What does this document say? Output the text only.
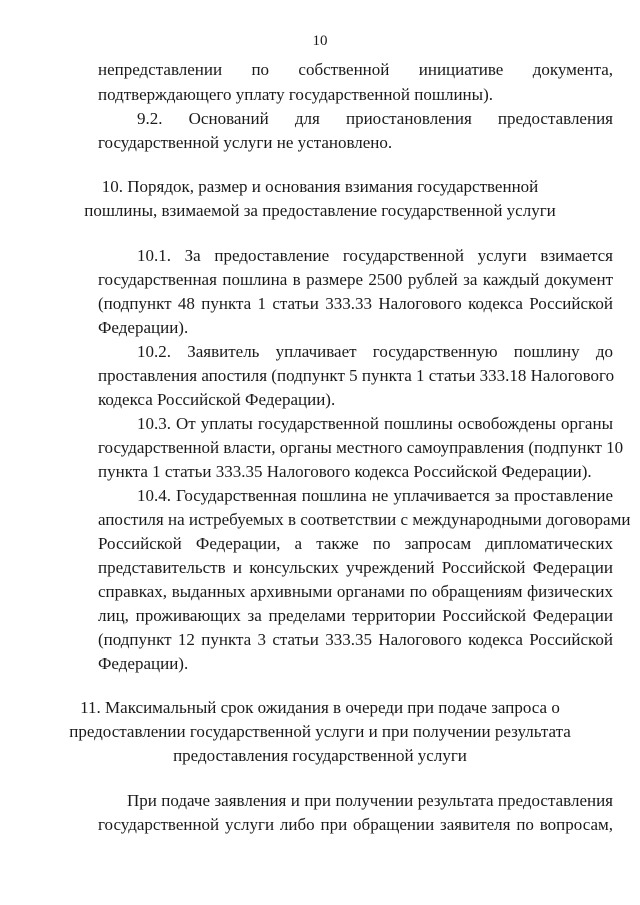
10
непредставлении по собственной инициативе документа,
подтверждающего уплату государственной пошлины).
9.2. Оснований для приостановления предоставления
государственной услуги не установлено.
10. Порядок, размер и основания взимания государственной
пошлины, взимаемой за предоставление государственной услуги
10.1. За предоставление государственной услуги взимается
государственная пошлина в размере 2500 рублей за каждый документ
(подпункт 48 пункта 1 статьи 333.33 Налогового кодекса Российской
Федерации).
10.2. Заявитель уплачивает государственную пошлину до
проставления апостиля (подпункт 5 пункта 1 статьи 333.18 Налогового
кодекса Российской Федерации).
10.3. От уплаты государственной пошлины освобождены органы
государственной власти, органы местного самоуправления (подпункт 10
пункта 1 статьи 333.35 Налогового кодекса Российской Федерации).
10.4. Государственная пошлина не уплачивается за проставление
апостиля на истребуемых в соответствии с международными договорами
Российской Федерации, а также по запросам дипломатических
представительств и консульских учреждений Российской Федерации
справках, выданных архивными органами по обращениям физических
лиц, проживающих за пределами территории Российской Федерации
(подпункт 12 пункта 3 статьи 333.35 Налогового кодекса Российской
Федерации).
11. Максимальный срок ожидания в очереди при подаче запроса о
предоставлении государственной услуги и при получении результата
предоставления государственной услуги
При подаче заявления и при получении результата предоставления
государственной услуги либо при обращении заявителя по вопросам,
